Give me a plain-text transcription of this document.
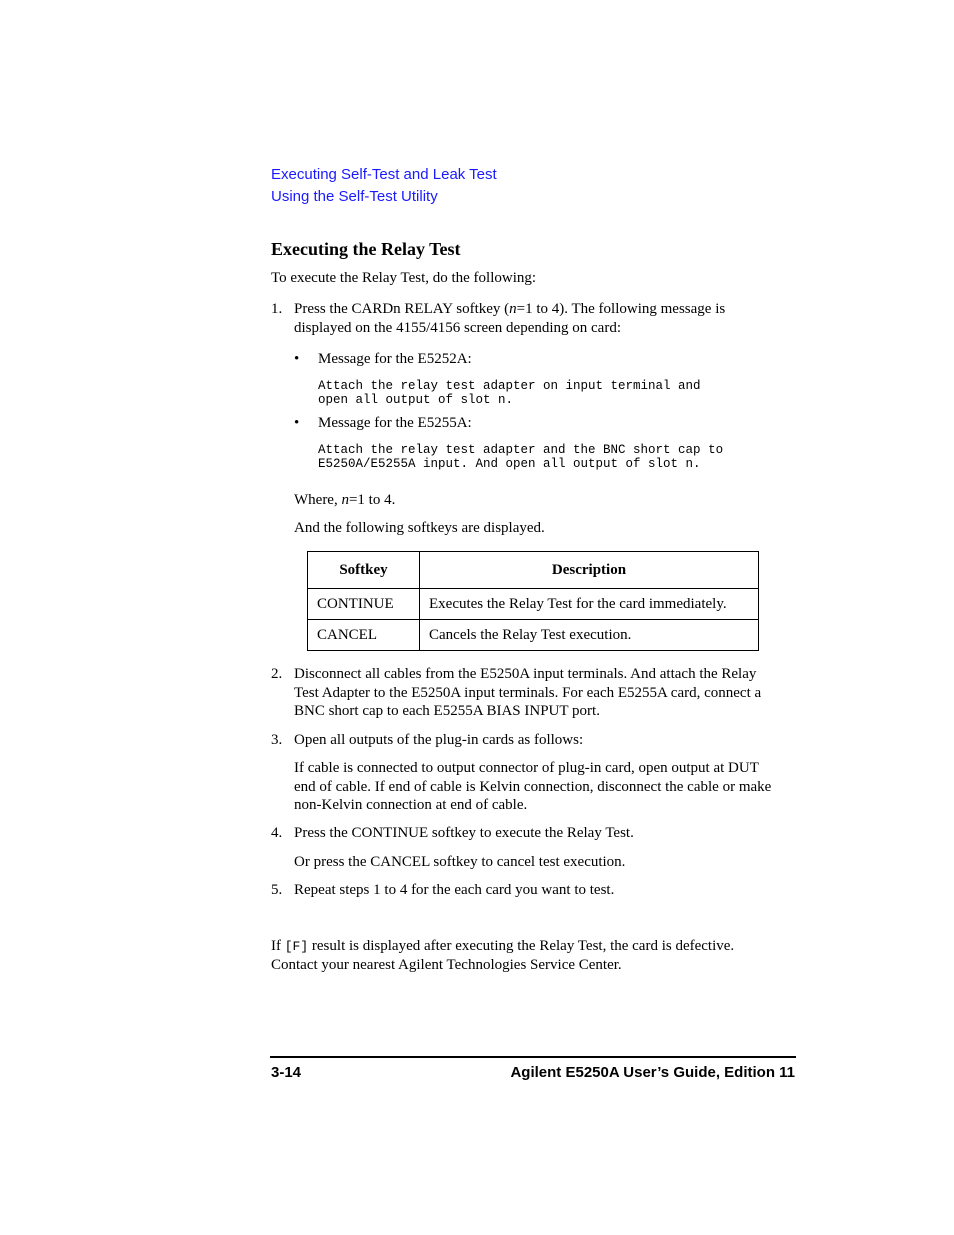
Executing Self-Test and Leak Test
Using the Self-Test Utility
Executing the Relay Test
To execute the Relay Test, do the following:
1. Press the CARDn RELAY softkey (n=1 to 4). The following message is
displayed on the 4155/4156 screen depending on card:
• Message for the E5252A:
Attach the relay test adapter on input terminal and
open all output of slot n.
• Message for the E5255A:
Attach the relay test adapter and the BNC short cap to
E5250A/E5255A input. And open all output of slot n.
Where, n=1 to 4.
And the following softkeys are displayed.
Softkey	Description
CONTINUE	Executes the Relay Test for the card immediately.
CANCEL	Cancels the Relay Test execution.
2. Disconnect all cables from the E5250A input terminals. And attach the Relay
Test Adapter to the E5250A input terminals. For each E5255A card, connect a
BNC short cap to each E5255A BIAS INPUT port.
3. Open all outputs of the plug-in cards as follows:
If cable is connected to output connector of plug-in card, open output at DUT
end of cable. If end of cable is Kelvin connection, disconnect the cable or make
non-Kelvin connection at end of cable.
4. Press the CONTINUE softkey to execute the Relay Test.
Or press the CANCEL softkey to cancel test execution.
5. Repeat steps 1 to 4 for the each card you want to test.
If [F] result is displayed after executing the Relay Test, the card is defective.
Contact your nearest Agilent Technologies Service Center.
3-14	Agilent E5250A User’s Guide, Edition 11
